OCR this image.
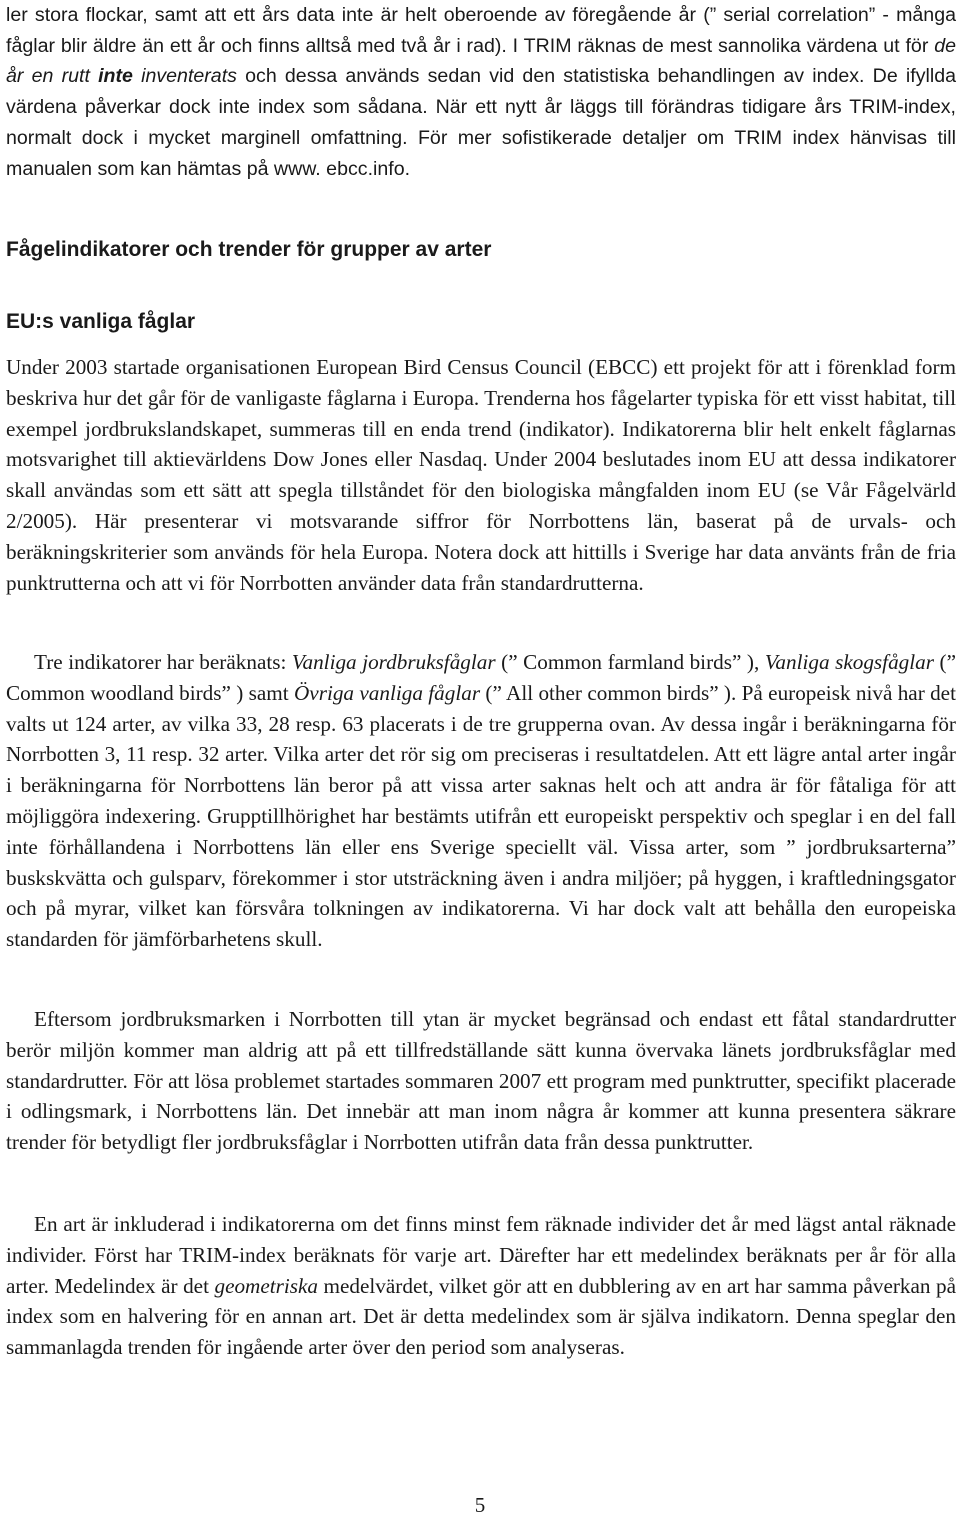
ler stora flockar, samt att ett års data inte är helt oberoende av föregående år (” serial correlation” - många fåglar blir äldre än ett år och finns alltså med två år i rad). I TRIM räknas de mest sannolika värdena ut för de år en rutt inte inventerats och dessa används sedan vid den statistiska behandlingen av index. De ifyllda värdena påverkar dock inte index som sådana. När ett nytt år läggs till förändras tidigare års TRIM-index, normalt dock i mycket marginell omfattning. För mer sofistikerade detaljer om TRIM index hänvisas till manualen som kan hämtas på www. ebcc.info.

Fågelindikatorer och trender för grupper av arter
EU:s vanliga fåglar

Under 2003 startade organisationen European Bird Census Council (EBCC) ett projekt för att i förenklad form beskriva hur det går för de vanligaste fåglarna i Europa. Trenderna hos fågelarter typiska för ett visst habitat, till exempel jordbrukslandskapet, summeras till en enda trend (indikator). Indikatorerna blir helt enkelt fåglarnas motsvarighet till aktievärldens Dow Jones eller Nasdaq. Under 2004 beslutades inom EU att dessa indikatorer skall användas som ett sätt att spegla tillståndet för den biologiska mångfalden inom EU (se Vår Fågelvärld 2/2005). Här presenterar vi motsvarande siffror för Norrbottens län, baserat på de urvals- och beräkningskriterier som används för hela Europa. Notera dock att hittills i Sverige har data använts från de fria punktrutterna och att vi för Norrbotten använder data från standardrutterna.

Tre indikatorer har beräknats: Vanliga jordbruksfåglar (” Common farmland birds” ), Vanliga skogsfåglar (” Common woodland birds” ) samt Övriga vanliga fåglar (” All other common birds” ). På europeisk nivå har det valts ut 124 arter, av vilka 33, 28 resp. 63 placerats i de tre grupperna ovan. Av dessa ingår i beräkningarna för Norrbotten 3, 11 resp. 32 arter. Vilka arter det rör sig om preciseras i resultatdelen. Att ett lägre antal arter ingår i beräkningarna för Norrbottens län beror på att vissa arter saknas helt och att andra är för fåtaliga för att möjliggöra indexering. Grupptillhörighet har bestämts utifrån ett europeiskt perspektiv och speglar i en del fall inte förhållandena i Norrbottens län eller ens Sverige speciellt väl. Vissa arter, som ” jordbruksarterna” buskskvätta och gulsparv, förekommer i stor utsträckning även i andra miljöer; på hyggen, i kraftledningsgator och på myrar, vilket kan försvåra tolkningen av indikatorerna. Vi har dock valt att behålla den europeiska standarden för jämförbarhetens skull.

Eftersom jordbruksmarken i Norrbotten till ytan är mycket begränsad och endast ett fåtal standardrutter berör miljön kommer man aldrig att på ett tillfredställande sätt kunna övervaka länets jordbruksfåglar med standardrutter. För att lösa problemet startades sommaren 2007 ett program med punktrutter, specifikt placerade i odlingsmark, i Norrbottens län. Det innebär att man inom några år kommer att kunna presentera säkrare trender för betydligt fler jordbruksfåglar i Norrbotten utifrån data från dessa punktrutter.

En art är inkluderad i indikatorerna om det finns minst fem räknade individer det år med lägst antal räknade individer. Först har TRIM-index beräknats för varje art. Därefter har ett medelindex beräknats per år för alla arter. Medelindex är det geometriska medelvärdet, vilket gör att en dubblering av en art har samma påverkan på index som en halvering för en annan art. Det är detta medelindex som är själva indikatorn. Denna speglar den sammanlagda trenden för ingående arter över den period som analyseras.

5
